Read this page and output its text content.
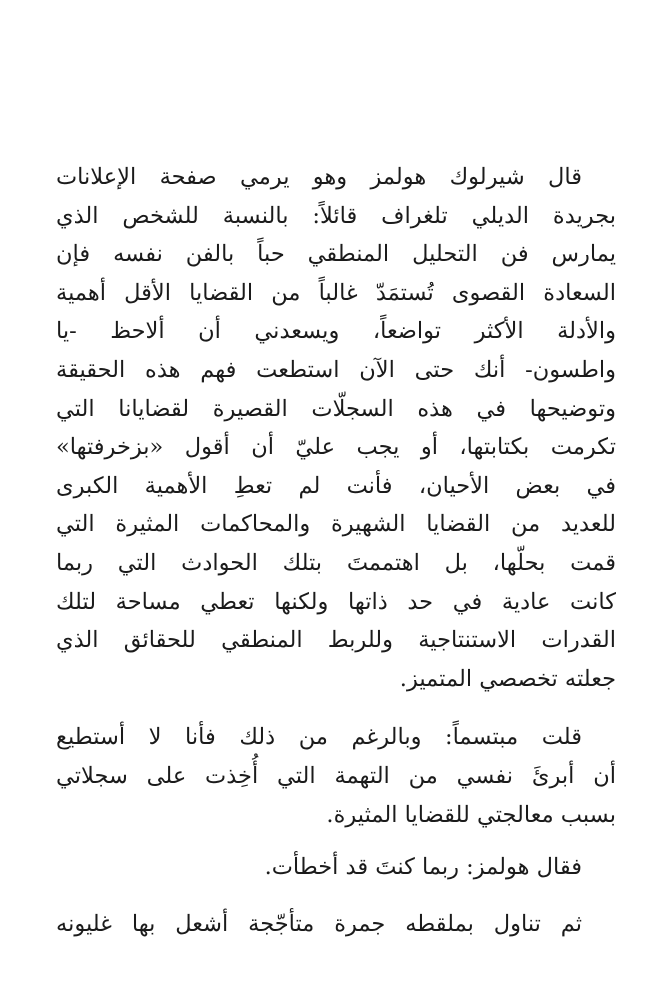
قال شيرلوك هولمز وهو يرمي صفحة الإعلانات
بجريدة الديلي تلغراف قائلاً: بالنسبة للشخص الذي
يمارس فن التحليل المنطقي حباً بالفن نفسه فإن
السعادة القصوى تُستمَدّ غالباً من القضايا الأقل أهمية
والأدلة الأكثر تواضعاً، ويسعدني أن ألاحظ -يا
واطسون- أنك حتى الآن استطعت فهم هذه الحقيقة
وتوضيحها في هذه السجلّات القصيرة لقضايانا التي
تكرمت بكتابتها، أو يجب عليّ أن أقول «بزخرفتها»
في بعض الأحيان، فأنت لم تعطِ الأهمية الكبرى
للعديد من القضايا الشهيرة والمحاكمات المثيرة التي
قمت بحلّها، بل اهتممتَ بتلك الحوادث التي ربما
كانت عادية في حد ذاتها ولكنها تعطي مساحة لتلك
القدرات الاستنتاجية وللربط المنطقي للحقائق الذي
جعلته تخصصي المتميز.

قلت مبتسماً: وبالرغم من ذلك فأنا لا أستطيع
أن أبرئَ نفسي من التهمة التي أُخِذت على سجلاتي
بسبب معالجتي للقضايا المثيرة.

فقال هولمز: ربما كنتَ قد أخطأت.

ثم تناول بملقطه جمرة متأجّجة أشعل بها غليونه
